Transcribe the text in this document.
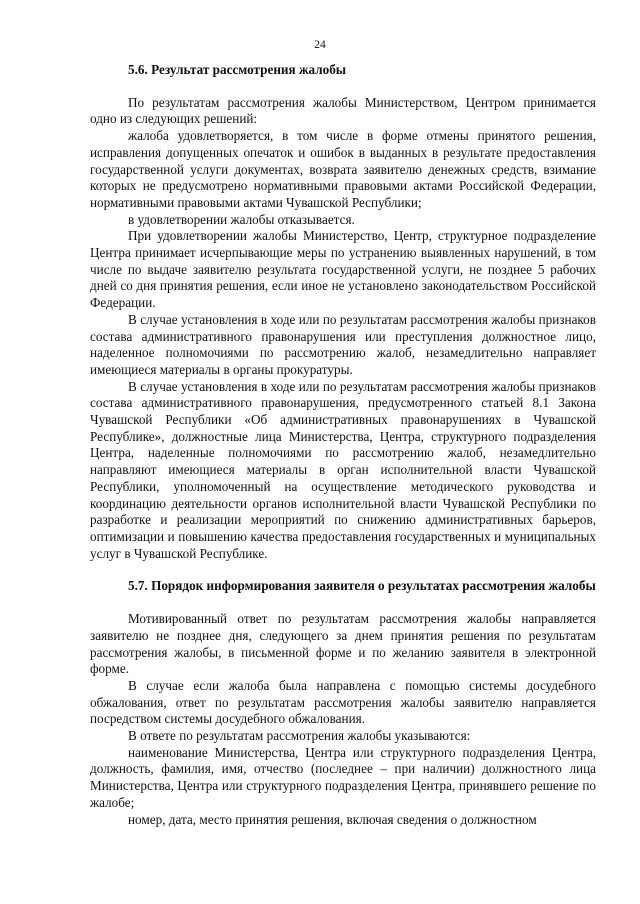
24

5.6. Результат рассмотрения жалобы

По результатам рассмотрения жалобы Министерством, Центром принимается одно из следующих решений:

жалоба удовлетворяется, в том числе в форме отмены принятого решения, исправления допущенных опечаток и ошибок в выданных в результате предоставления государственной услуги документах, возврата заявителю денежных средств, взимание которых не предусмотрено нормативными правовыми актами Российской Федерации, нормативными правовыми актами Чувашской Республики;

в удовлетворении жалобы отказывается.

При удовлетворении жалобы Министерство, Центр, структурное подразделение Центра принимает исчерпывающие меры по устранению выявленных нарушений, в том числе по выдаче заявителю результата государственной услуги, не позднее 5 рабочих дней со дня принятия решения, если иное не установлено законодательством Российской Федерации.

В случае установления в ходе или по результатам рассмотрения жалобы признаков состава административного правонарушения или преступления должностное лицо, наделенное полномочиями по рассмотрению жалоб, незамедлительно направляет имеющиеся материалы в органы прокуратуры.

В случае установления в ходе или по результатам рассмотрения жалобы признаков состава административного правонарушения, предусмотренного статьей 8.1 Закона Чувашской Республики «Об административных правонарушениях в Чувашской Республике», должностные лица Министерства, Центра, структурного подразделения Центра, наделенные полномочиями по рассмотрению жалоб, незамедлительно направляют имеющиеся материалы в орган исполнительной власти Чувашской Республики, уполномоченный на осуществление методического руководства и координацию деятельности органов исполнительной власти Чувашской Республики по разработке и реализации мероприятий по снижению административных барьеров, оптимизации и повышению качества предоставления государственных и муниципальных услуг в Чувашской Республике.

5.7. Порядок информирования заявителя о результатах рассмотрения жалобы

Мотивированный ответ по результатам рассмотрения жалобы направляется заявителю не позднее дня, следующего за днем принятия решения по результатам рассмотрения жалобы, в письменной форме и по желанию заявителя в электронной форме.

В случае если жалоба была направлена с помощью системы досудебного обжалования, ответ по результатам рассмотрения жалобы заявителю направляется посредством системы досудебного обжалования.

В ответе по результатам рассмотрения жалобы указываются:

наименование Министерства, Центра или структурного подразделения Центра, должность, фамилия, имя, отчество (последнее – при наличии) должностного лица Министерства, Центра или структурного подразделения Центра, принявшего решение по жалобе;

номер, дата, место принятия решения, включая сведения о должностном
